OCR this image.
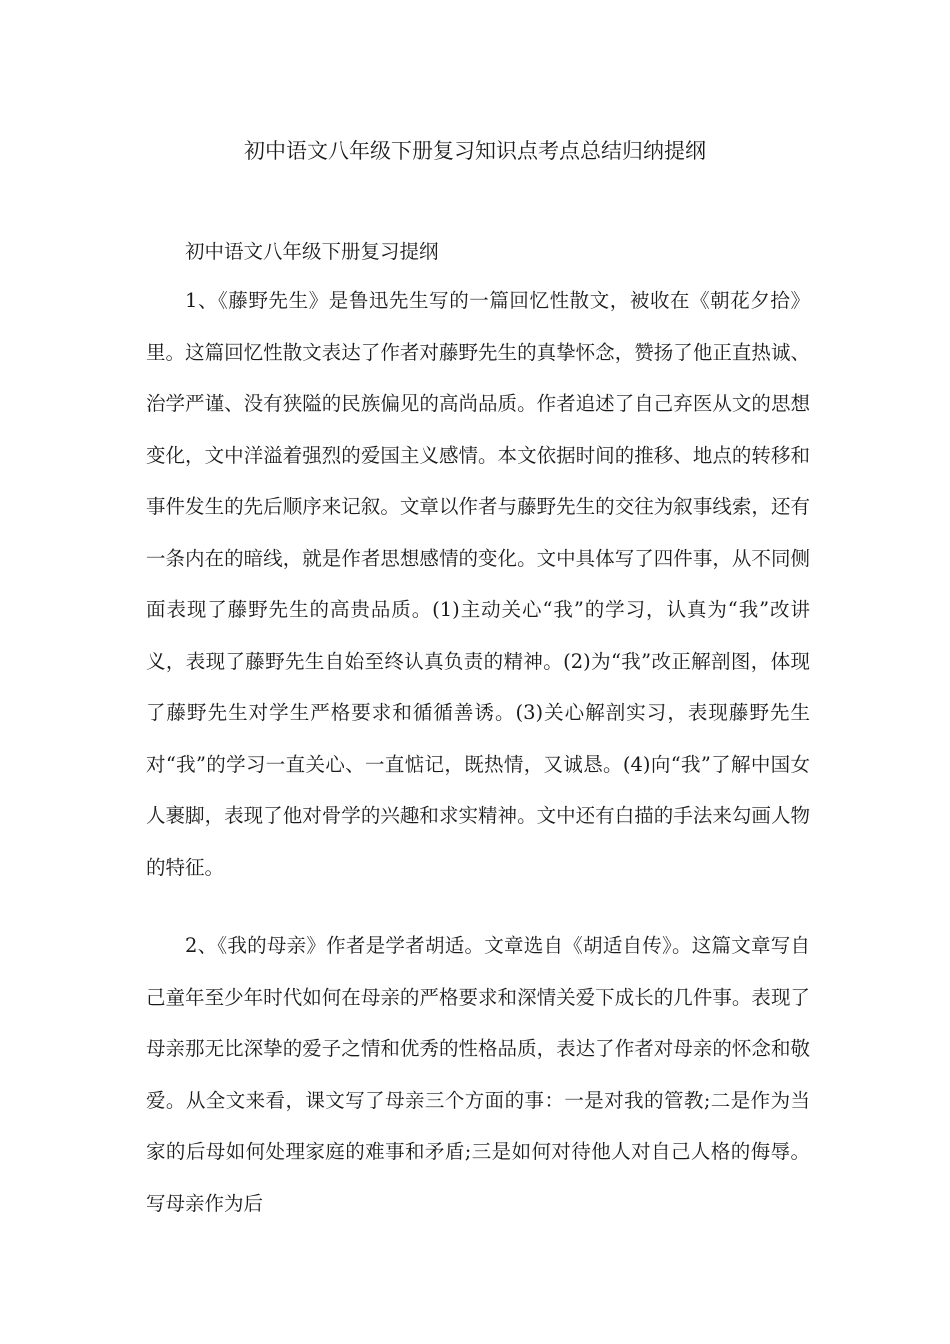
初中语文八年级下册复习知识点考点总结归纳提纲

初中语文八年级下册复习提纲

1、《藤野先生》是鲁迅先生写的一篇回忆性散文，被收在《朝花夕拾》里。这篇回忆性散文表达了作者对藤野先生的真挚怀念，赞扬了他正直热诚、治学严谨、没有狭隘的民族偏见的高尚品质。作者追述了自己弃医从文的思想变化，文中洋溢着强烈的爱国主义感情。本文依据时间的推移、地点的转移和事件发生的先后顺序来记叙。文章以作者与藤野先生的交往为叙事线索，还有一条内在的暗线，就是作者思想感情的变化。文中具体写了四件事，从不同侧面表现了藤野先生的高贵品质。(1)主动关心“我”的学习，认真为“我”改讲义，表现了藤野先生自始至终认真负责的精神。(2)为“我”改正解剖图，体现了藤野先生对学生严格要求和循循善诱。(3)关心解剖实习，表现藤野先生对“我”的学习一直关心、一直惦记，既热情，又诚恳。(4)向“我”了解中国女人裹脚，表现了他对骨学的兴趣和求实精神。文中还有白描的手法来勾画人物的特征。

2、《我的母亲》作者是学者胡适。文章选自《胡适自传》。这篇文章写自己童年至少年时代如何在母亲的严格要求和深情关爱下成长的几件事。表现了母亲那无比深挚的爱子之情和优秀的性格品质，表达了作者对母亲的怀念和敬爱。从全文来看，课文写了母亲三个方面的事：一是对我的管教;二是作为当家的后母如何处理家庭的难事和矛盾;三是如何对待他人对自己人格的侮辱。写母亲作为后
